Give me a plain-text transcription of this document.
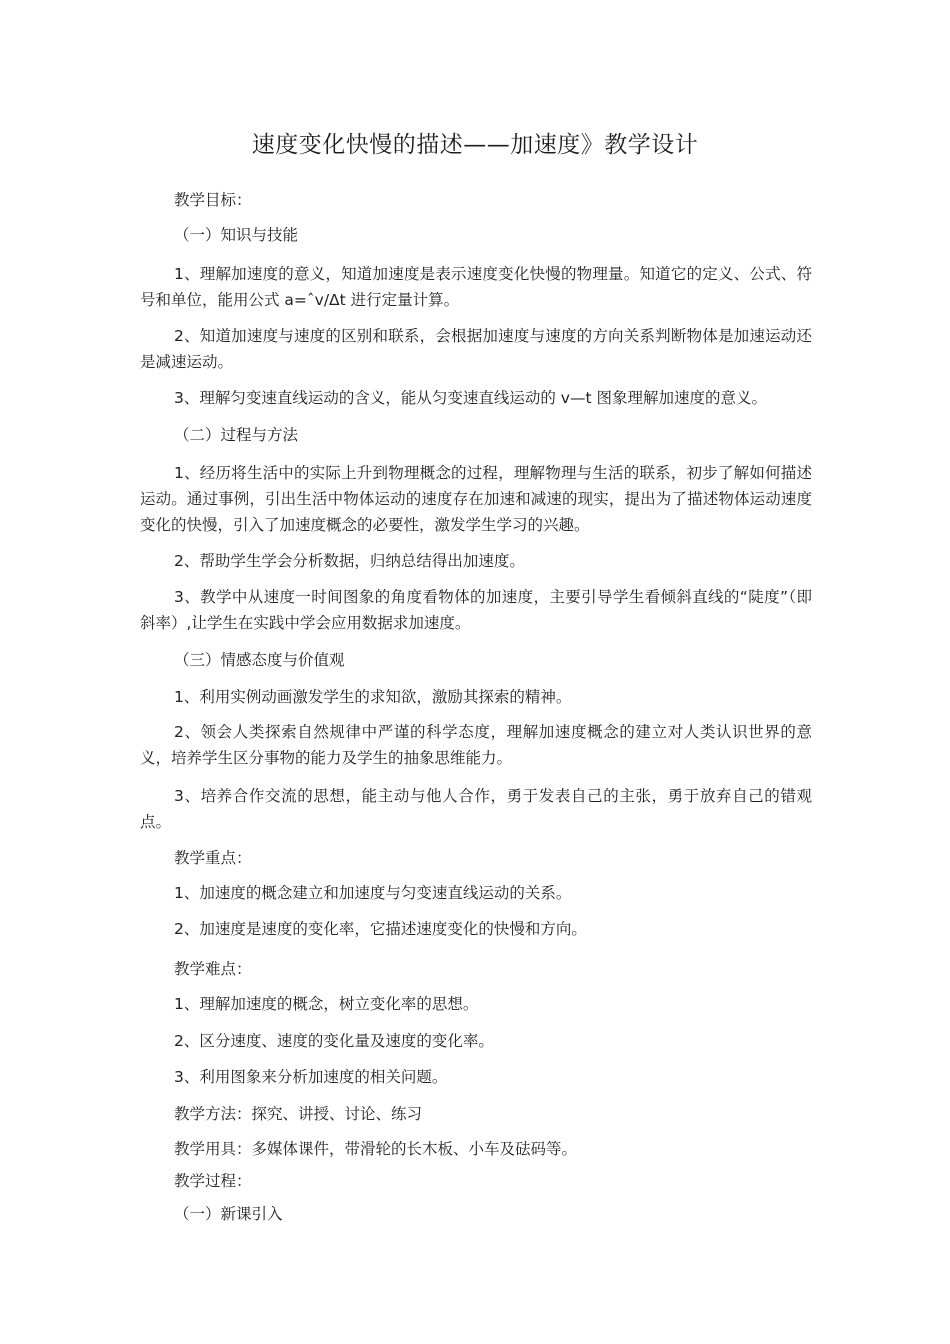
速度变化快慢的描述——加速度》教学设计
教学目标：
（一）知识与技能
1、理解加速度的意义，知道加速度是表示速度变化快慢的物理量。知道它的定义、公式、符号和单位，能用公式 a=ˆv/Δt 进行定量计算。
2、知道加速度与速度的区别和联系，会根据加速度与速度的方向关系判断物体是加速运动还是减速运动。
3、理解匀变速直线运动的含义，能从匀变速直线运动的 v—t 图象理解加速度的意义。
（二）过程与方法
1、经历将生活中的实际上升到物理概念的过程，理解物理与生活的联系，初步了解如何描述运动。通过事例，引出生活中物体运动的速度存在加速和减速的现实，提出为了描述物体运动速度变化的快慢，引入了加速度概念的必要性，激发学生学习的兴趣。
2、帮助学生学会分析数据，归纳总结得出加速度。
3、教学中从速度一时间图象的角度看物体的加速度，主要引导学生看倾斜直线的“陡度”（即斜率）,让学生在实践中学会应用数据求加速度。
（三）情感态度与价值观
1、利用实例动画激发学生的求知欲，激励其探索的精神。
2、领会人类探索自然规律中严谨的科学态度，理解加速度概念的建立对人类认识世界的意义，培养学生区分事物的能力及学生的抽象思维能力。
3、培养合作交流的思想，能主动与他人合作，勇于发表自己的主张，勇于放弃自己的错观点。
教学重点：
1、加速度的概念建立和加速度与匀变速直线运动的关系。
2、加速度是速度的变化率，它描述速度变化的快慢和方向。
教学难点：
1、理解加速度的概念，树立变化率的思想。
2、区分速度、速度的变化量及速度的变化率。
3、利用图象来分析加速度的相关问题。
教学方法：探究、讲授、讨论、练习
教学用具：多媒体课件，带滑轮的长木板、小车及砝码等。
教学过程：
（一）新课引入
